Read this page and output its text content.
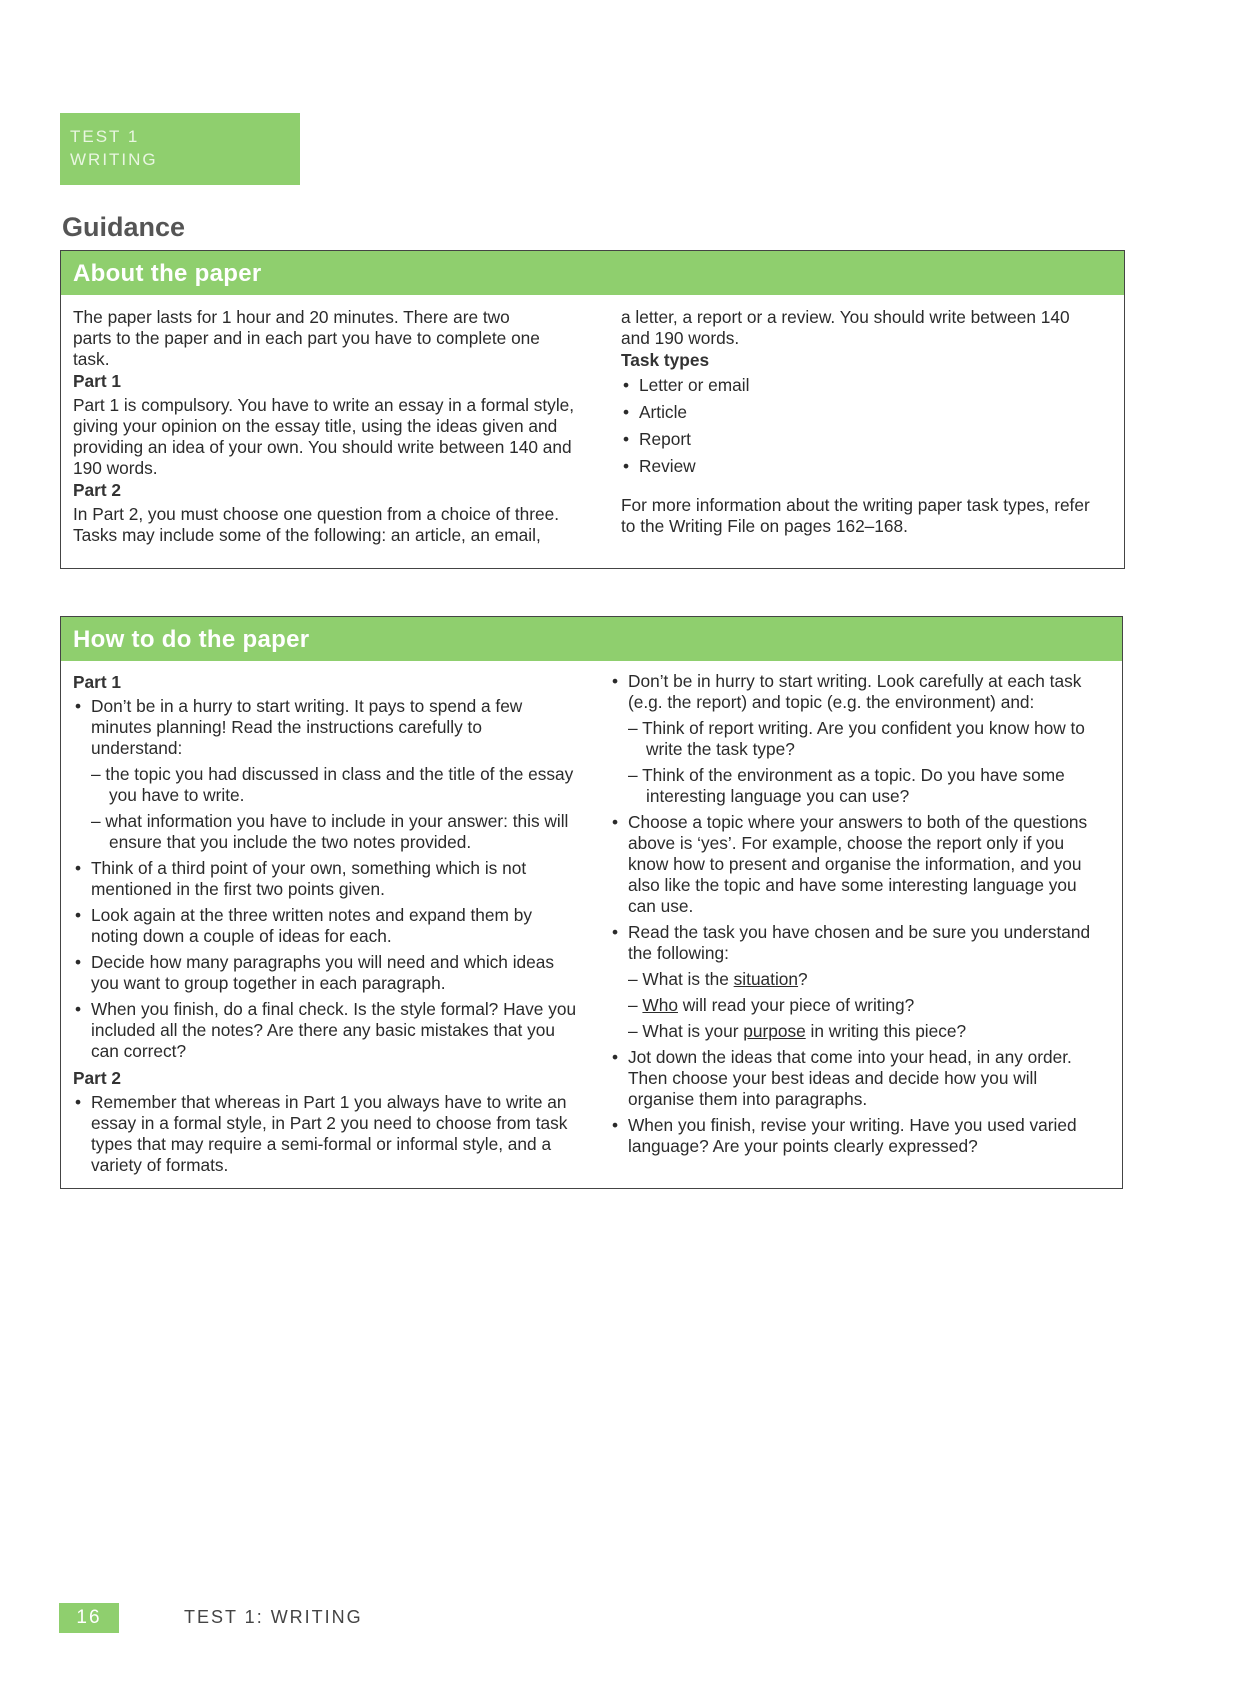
TEST 1
WRITING
Guidance
About the paper

The paper lasts for 1 hour and 20 minutes. There are two parts to the paper and in each part you have to complete one task.

Part 1

Part 1 is compulsory. You have to write an essay in a formal style, giving your opinion on the essay title, using the ideas given and providing an idea of your own. You should write between 140 and 190 words.

Part 2

In Part 2, you must choose one question from a choice of three. Tasks may include some of the following: an article, an email,

a letter, a report or a review. You should write between 140 and 190 words.

Task types

• Letter or email
• Article
• Report
• Review

For more information about the writing paper task types, refer to the Writing File on pages 162–168.

How to do the paper

Part 1

• Don’t be in a hurry to start writing. It pays to spend a few minutes planning! Read the instructions carefully to understand:
– the topic you had discussed in class and the title of the essay you have to write.
– what information you have to include in your answer: this will ensure that you include the two notes provided.
• Think of a third point of your own, something which is not mentioned in the first two points given.
• Look again at the three written notes and expand them by noting down a couple of ideas for each.
• Decide how many paragraphs you will need and which ideas you want to group together in each paragraph.
• When you finish, do a final check. Is the style formal? Have you included all the notes? Are there any basic mistakes that you can correct?

Part 2

• Remember that whereas in Part 1 you always have to write an essay in a formal style, in Part 2 you need to choose from task types that may require a semi-formal or informal style, and a variety of formats.
• Don’t be in hurry to start writing. Look carefully at each task (e.g. the report) and topic (e.g. the environment) and:
– Think of report writing. Are you confident you know how to write the task type?
– Think of the environment as a topic. Do you have some interesting language you can use?
• Choose a topic where your answers to both of the questions above is ‘yes’. For example, choose the report only if you know how to present and organise the information, and you also like the topic and have some interesting language you can use.
• Read the task you have chosen and be sure you understand the following:
– What is the situation?
– Who will read your piece of writing?
– What is your purpose in writing this piece?
• Jot down the ideas that come into your head, in any order. Then choose your best ideas and decide how you will organise them into paragraphs.
• When you finish, revise your writing. Have you used varied language? Are your points clearly expressed?
16	TEST 1: WRITING
